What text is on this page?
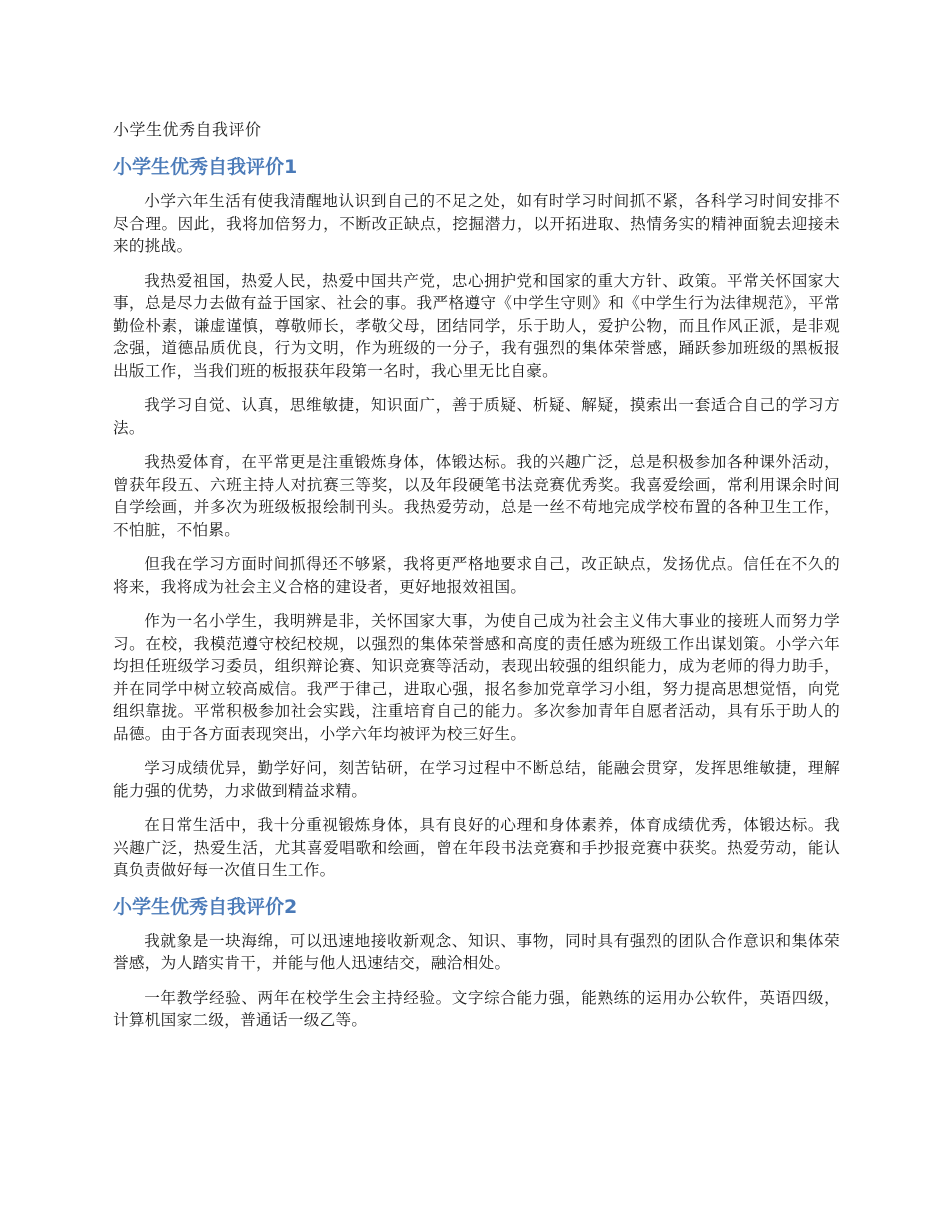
小学生优秀自我评价
小学生优秀自我评价1

小学六年生活有使我清醒地认识到自己的不足之处，如有时学习时间抓不紧，各科学习时间安排不尽合理。因此，我将加倍努力，不断改正缺点，挖掘潜力，以开拓进取、热情务实的精神面貌去迎接未来的挑战。

我热爱祖国，热爱人民，热爱中国共产党，忠心拥护党和国家的重大方针、政策。平常关怀国家大事，总是尽力去做有益于国家、社会的事。我严格遵守《中学生守则》和《中学生行为法律规范》，平常勤俭朴素，谦虚谨慎，尊敬师长，孝敬父母，团结同学，乐于助人，爱护公物，而且作风正派，是非观念强，道德品质优良，行为文明，作为班级的一分子，我有强烈的集体荣誉感，踊跃参加班级的黑板报出版工作，当我们班的板报获年段第一名时，我心里无比自豪。

我学习自觉、认真，思维敏捷，知识面广，善于质疑、析疑、解疑，摸索出一套适合自己的学习方法。

我热爱体育，在平常更是注重锻炼身体，体锻达标。我的兴趣广泛，总是积极参加各种课外活动，曾获年段五、六班主持人对抗赛三等奖，以及年段硬笔书法竞赛优秀奖。我喜爱绘画，常利用课余时间自学绘画，并多次为班级板报绘制刊头。我热爱劳动，总是一丝不苟地完成学校布置的各种卫生工作，不怕脏，不怕累。

但我在学习方面时间抓得还不够紧，我将更严格地要求自己，改正缺点，发扬优点。信任在不久的将来，我将成为社会主义合格的建设者，更好地报效祖国。

作为一名小学生，我明辨是非，关怀国家大事，为使自己成为社会主义伟大事业的接班人而努力学习。在校，我模范遵守校纪校规，以强烈的集体荣誉感和高度的责任感为班级工作出谋划策。小学六年均担任班级学习委员，组织辩论赛、知识竞赛等活动，表现出较强的组织能力，成为老师的得力助手，并在同学中树立较高威信。我严于律己，进取心强，报名参加党章学习小组，努力提高思想觉悟，向党组织靠拢。平常积极参加社会实践，注重培育自己的能力。多次参加青年自愿者活动，具有乐于助人的品德。由于各方面表现突出，小学六年均被评为校三好生。

学习成绩优异，勤学好问，刻苦钻研，在学习过程中不断总结，能融会贯穿，发挥思维敏捷，理解能力强的优势，力求做到精益求精。

在日常生活中，我十分重视锻炼身体，具有良好的心理和身体素养，体育成绩优秀，体锻达标。我兴趣广泛，热爱生活，尤其喜爱唱歌和绘画，曾在年段书法竞赛和手抄报竞赛中获奖。热爱劳动，能认真负责做好每一次值日生工作。

小学生优秀自我评价2

我就象是一块海绵，可以迅速地接收新观念、知识、事物，同时具有强烈的团队合作意识和集体荣誉感，为人踏实肯干，并能与他人迅速结交，融洽相处。

一年教学经验、两年在校学生会主持经验。文字综合能力强，能熟练的运用办公软件，英语四级，计算机国家二级，普通话一级乙等。
